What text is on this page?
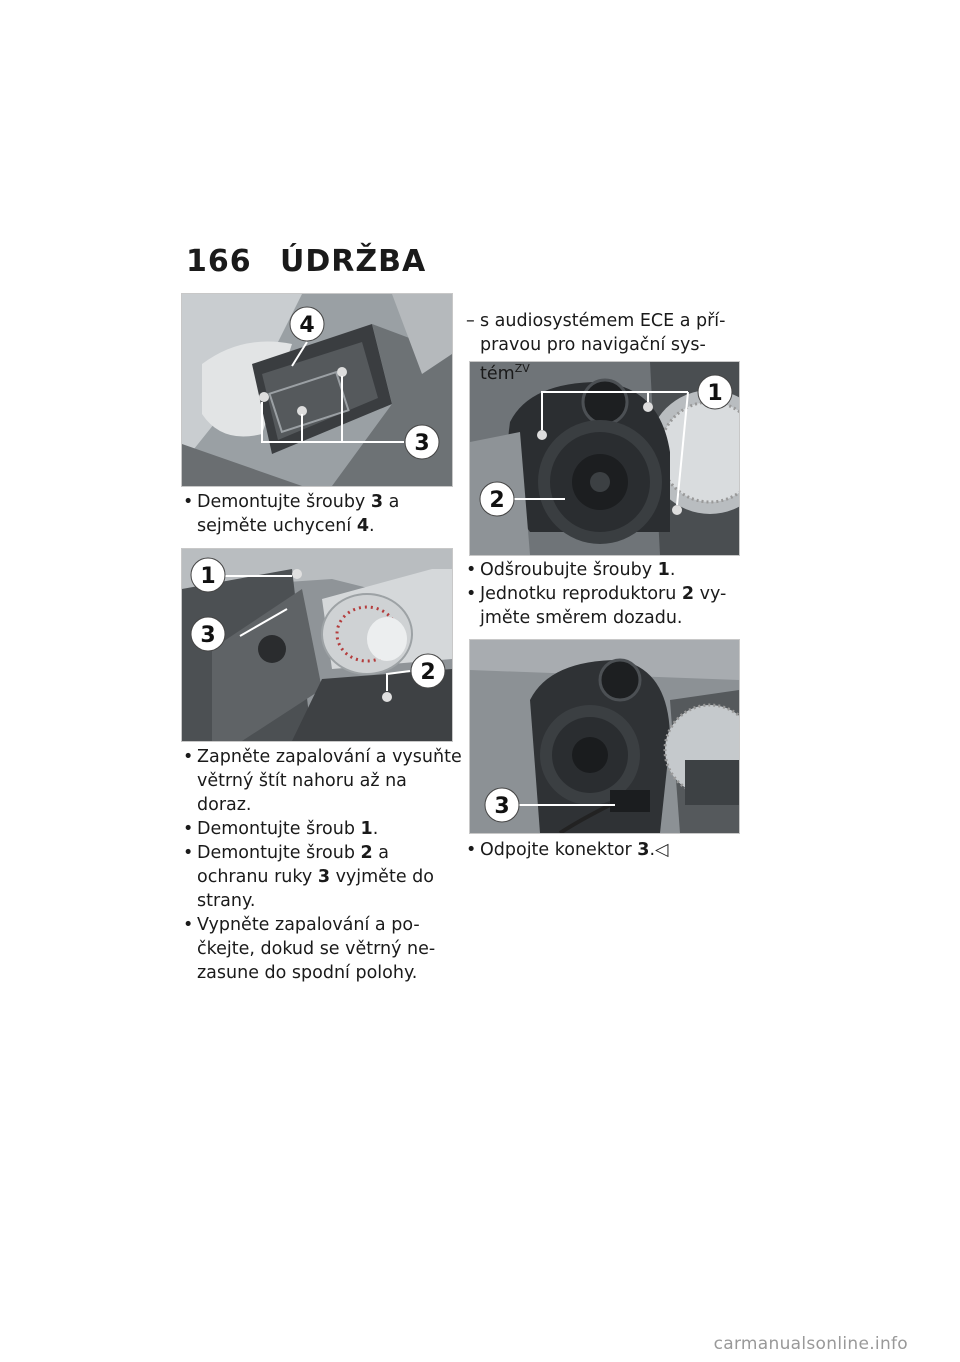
166 ÚDRŽBA
4
3
1
3
2
1
2
3

• Demontujte šrouby 3 a
sejměte uchycení 4.

• Zapněte zapalování a vysuňte
větrný štít nahoru až na doraz.

• Demontujte šroub 1.

• Demontujte šroub 2 a
ochranu ruky 3 vyjměte do
strany.

• Vypněte zapalování a po-
čkejte, dokud se větrný ne-
zasune do spodní polohy.

– s audiosystémem ECE a pří-
pravou pro navigační sys-
tém$^{ZV}$

• Odšroubujte šrouby 1.

• Jednotku reproduktoru 2 vy-
jměte směrem dozadu.

• Odpojte konektor 3.◁

carmanualsonline.info
